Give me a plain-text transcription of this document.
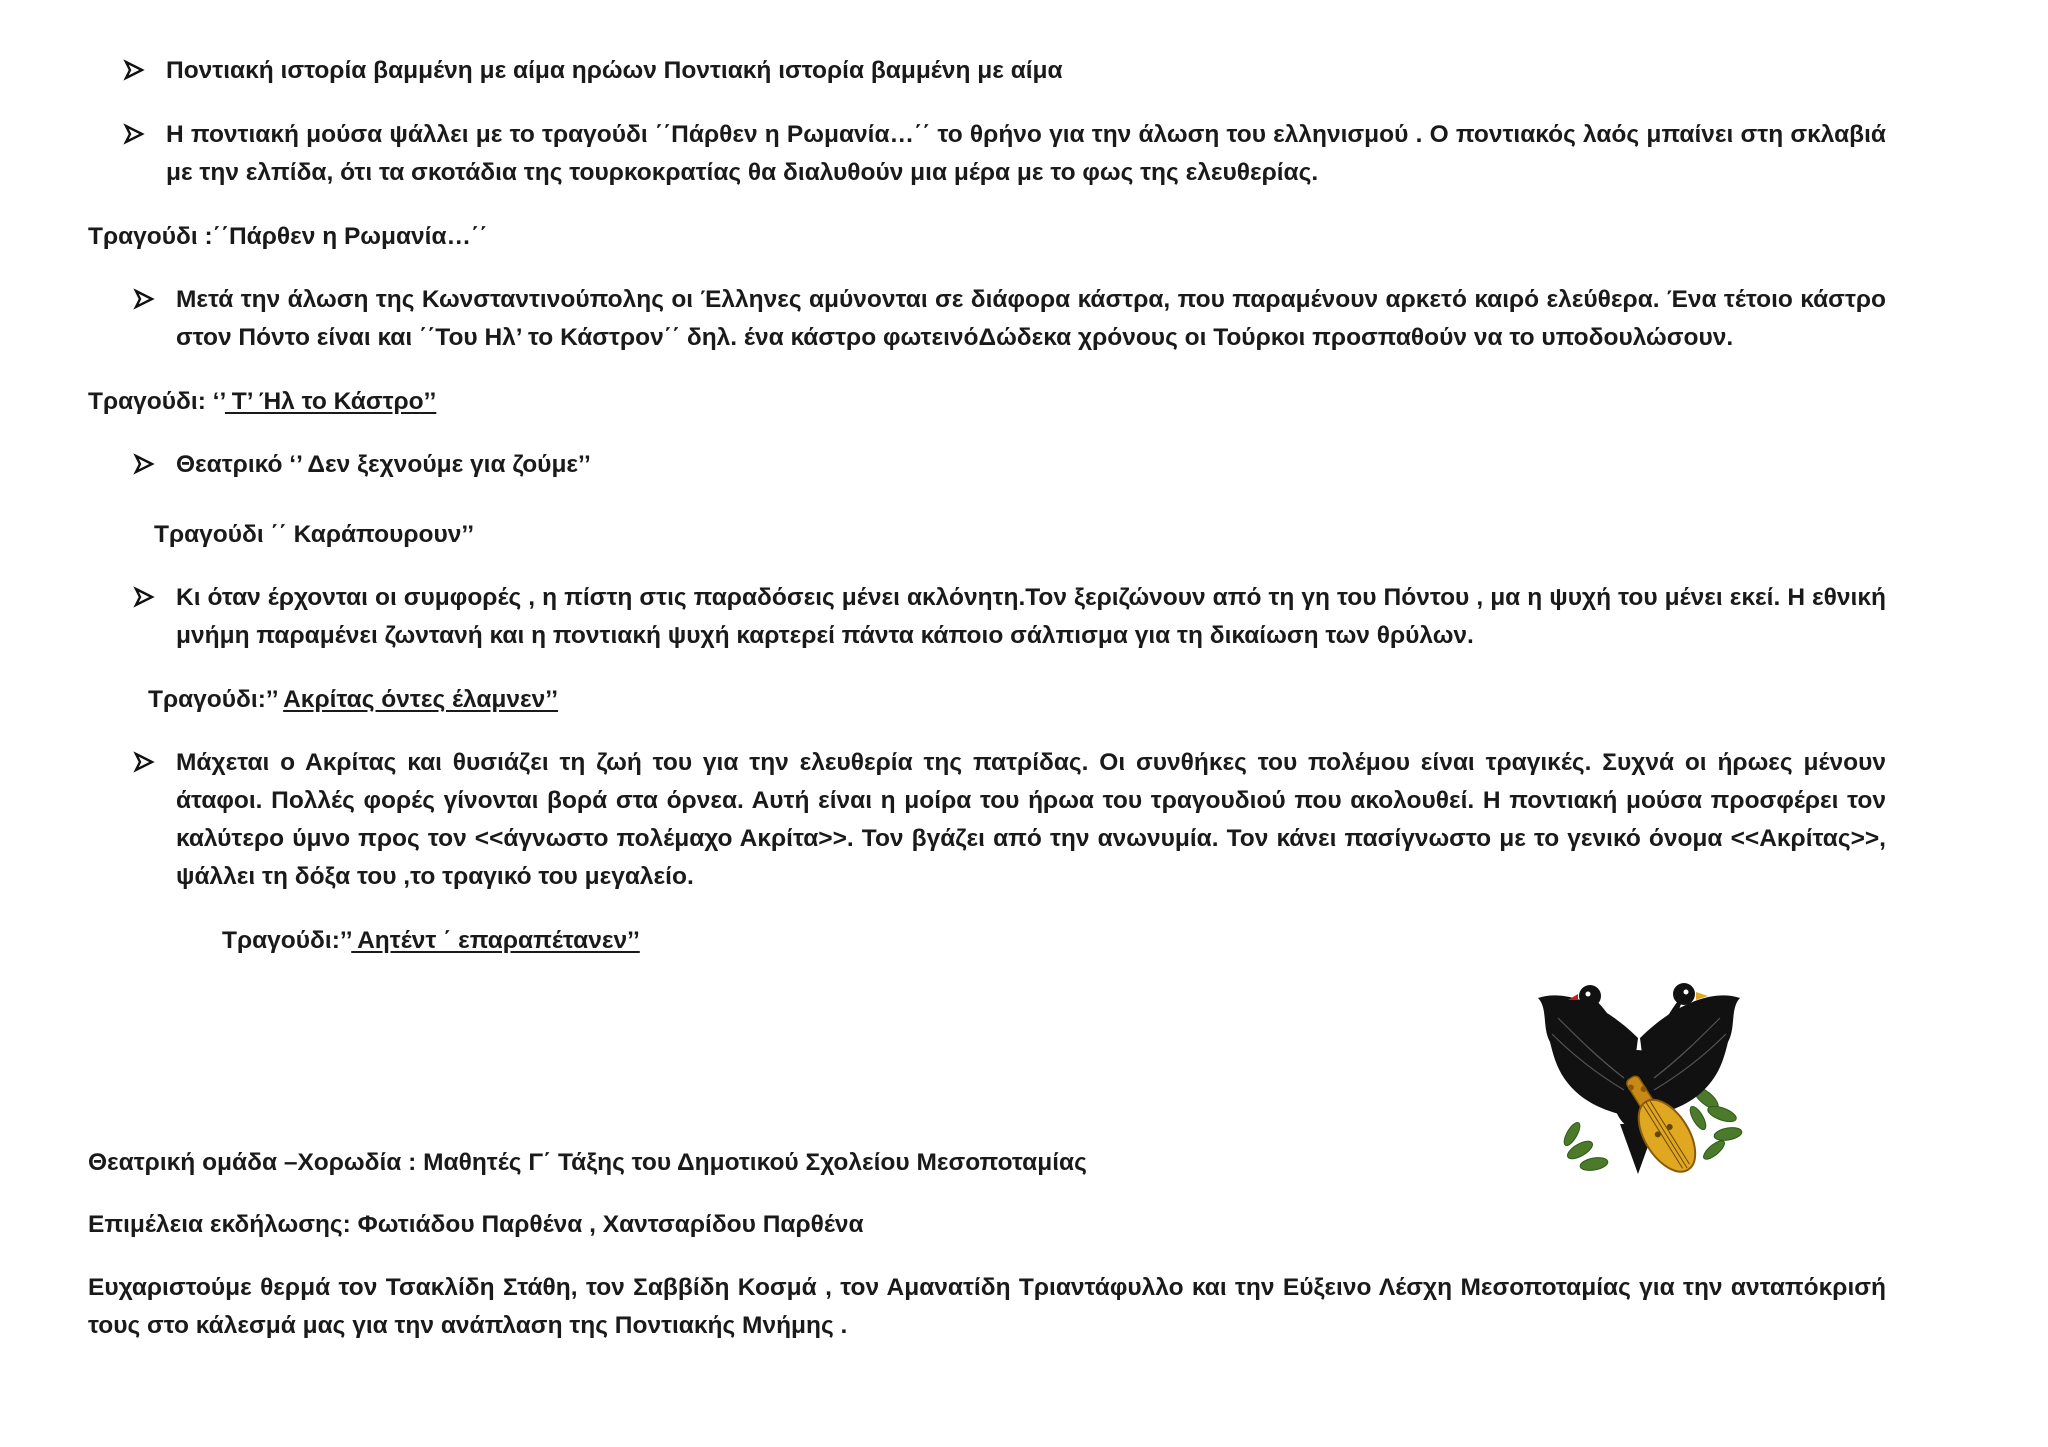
Ποντιακή ιστορία βαμμένη με αίμα ηρώων Ποντιακή ιστορία βαμμένη με αίμα

Η ποντιακή μούσα ψάλλει με το τραγούδι ΄΄Πάρθεν η Ρωμανία…΄΄ το θρήνο για την άλωση του ελληνισμού . Ο ποντιακός λαός μπαίνει στη σκλαβιά με την ελπίδα, ότι τα σκοτάδια της τουρκοκρατίας θα διαλυθούν μια μέρα με το φως της ελευθερίας.

Τραγούδι :΄΄Πάρθεν η Ρωμανία…΄΄

Μετά την άλωση της Κωνσταντινούπολης οι Έλληνες αμύνονται σε διάφορα κάστρα, που παραμένουν αρκετό καιρό ελεύθερα. Ένα τέτοιο κάστρο στον Πόντο είναι και ΄΄Του Ηλ’ το Κάστρον΄΄ δηλ. ένα κάστρο φωτεινόΔώδεκα χρόνους οι Τούρκοι προσπαθούν να το υποδουλώσουν.

Τραγούδι: ‘’ Τ’ Ήλ το Κάστρο’’

Θεατρικό ‘’ Δεν ξεχνούμε για ζούμε’’

Τραγούδι ΄΄ Καράπουρουν’’

Κι όταν έρχονται οι συμφορές , η πίστη στις παραδόσεις μένει ακλόνητη.Τον ξεριζώνουν από τη γη του Πόντου , μα η ψυχή του μένει εκεί. Η εθνική μνήμη παραμένει ζωντανή και η ποντιακή ψυχή καρτερεί πάντα κάποιο σάλπισμα για τη δικαίωση των θρύλων.

Τραγούδι:’’ Ακρίτας όντες έλαμνεν’’

Μάχεται ο Ακρίτας και θυσιάζει τη ζωή του για την ελευθερία της πατρίδας. Οι συνθήκες του πολέμου είναι τραγικές. Συχνά οι ήρωες μένουν άταφοι. Πολλές φορές γίνονται βορά στα όρνεα. Αυτή είναι η μοίρα του ήρωα του τραγουδιού που ακολουθεί. Η ποντιακή μούσα προσφέρει τον καλύτερο ύμνο προς τον <<άγνωστο πολέμαχο Ακρίτα>>. Τον βγάζει από την ανωνυμία. Τον κάνει πασίγνωστο με το γενικό όνομα <<Ακρίτας>>, ψάλλει τη δόξα του ,το τραγικό του μεγαλείο.

Τραγούδι:’’ Αητέντ ΄ επαραπέτανεν’’

Θεατρική ομάδα –Χορωδία : Μαθητές Γ΄ Τάξης του Δημοτικού Σχολείου Μεσοποταμίας

Επιμέλεια εκδήλωσης: Φωτιάδου Παρθένα , Χαντσαρίδου Παρθένα

Ευχαριστούμε θερμά τον Τσακλίδη Στάθη, τον Σαββίδη Κοσμά , τον Αμανατίδη Τριαντάφυλλο και την Εύξεινο Λέσχη Μεσοποταμίας για την ανταπόκρισή τους στο κάλεσμά μας για την ανάπλαση της Ποντιακής Μνήμης .
